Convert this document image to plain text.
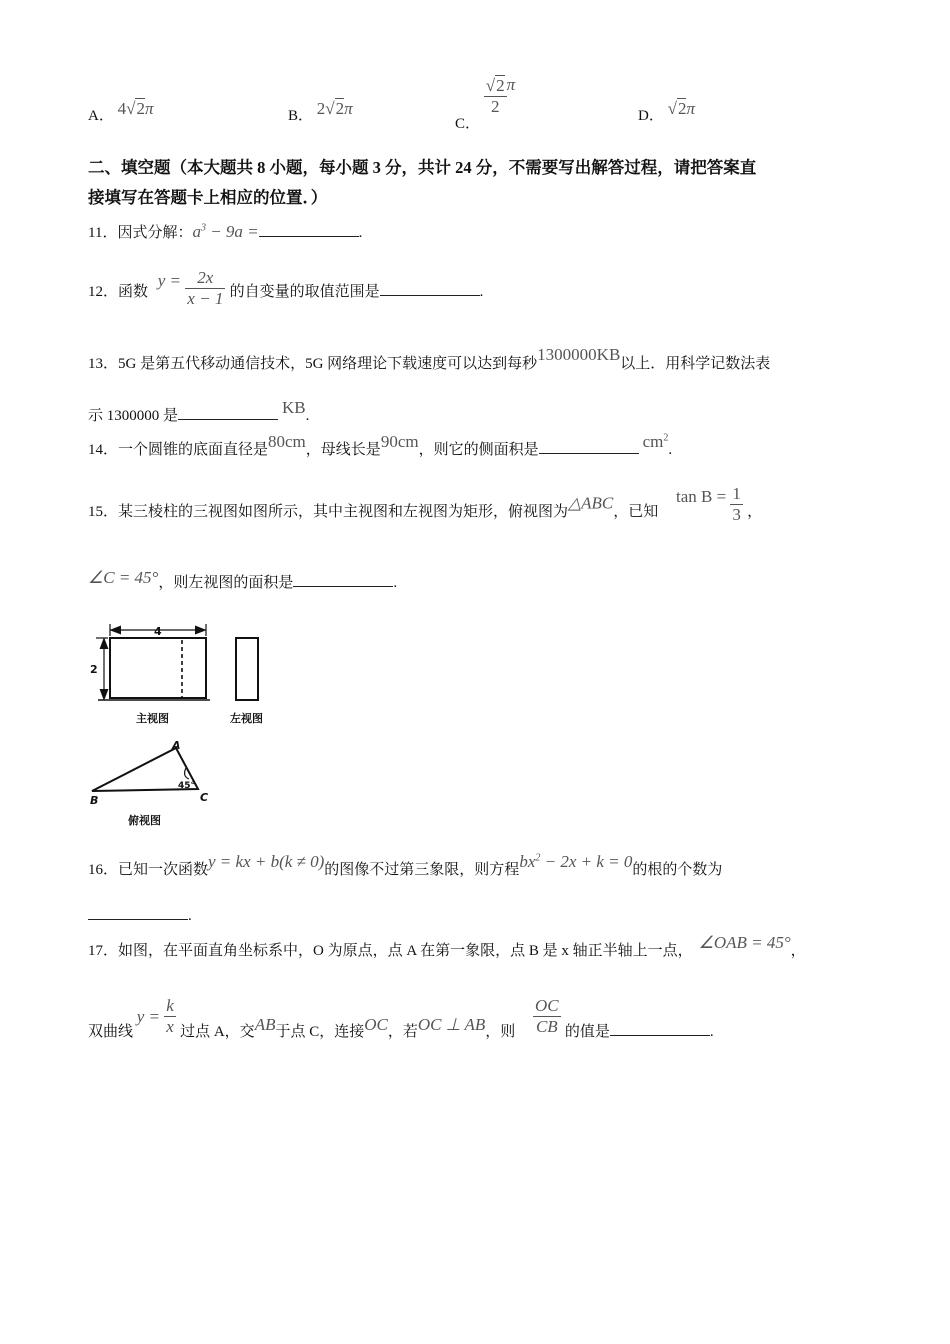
A． 4√2π	B． 2√2π
C．
$\frac{√2}{2}$ π
D． √2π
二、填空题（本大题共 8 小题，每小题 3 分，共计 24 分，不需要写出解答过程，请把答案直
接填写在答题卡上相应的位置．）
11．因式分解：$a^3 - 9a$ =	.
12．函数 $y = \frac{2x}{x - 1}$ 的自变量的取值范围是	.
13．5G 是第五代移动通信技术，5G 网络理论下载速度可以达到每秒1300000KB以上．用科学记数法表
示 1300000 是	KB.
14．一个圆锥的底面直径是80cm，母线长是90cm，则它的侧面积是	$cm^2$.
15．某三棱柱的三视图如图所示，其中主视图和左视图为矩形，俯视图为△ABC，已知 $\tan B = \frac{1}{3}$ ，
∠C = 45°，则左视图的面积是	.
4
2
主视图	左视图
A
B	C
45°
俯视图
16．已知一次函数y = kx + b(k ≠ 0)的图像不过第三象限，则方程$bx^2 - 2x + k = 0$的根的个数为
.
17．如图，在平面直角坐标系中，O 为原点，点 A 在第一象限，点 B 是 x 轴正半轴上一点， ∠OAB = 45°，
双曲线 $y = \frac{k}{x}$ 过点 A，交AB于点 C，连接OC，若OC ⊥ AB，则 $\frac{OC}{CB}$ 的值是	.
